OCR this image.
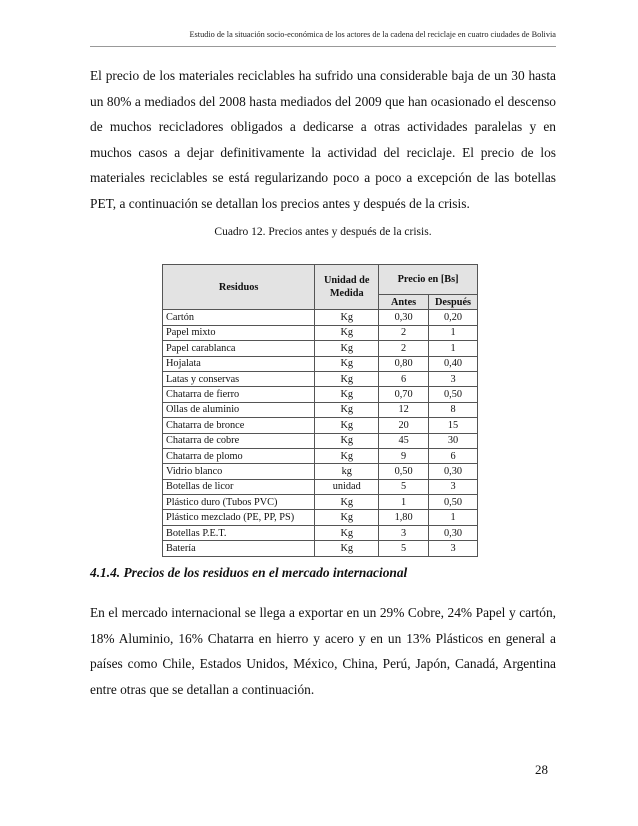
Estudio de la situación socio-económica de los actores de la cadena del reciclaje en cuatro ciudades de Bolivia

El precio de los materiales reciclables ha sufrido una considerable baja de un 30 hasta un 80% a mediados del 2008 hasta mediados del 2009 que han ocasionado el descenso de muchos recicladores obligados a dedicarse a otras actividades paralelas y en muchos casos a dejar definitivamente la actividad del reciclaje. El precio de los materiales reciclables se está regularizando poco a poco a excepción de las botellas PET, a continuación se detallan los precios antes y después de la crisis.

Cuadro 12. Precios antes y después de la crisis.
Residuos	Unidad de Medida	Precio en [Bs]	
		Antes	Después
Cartón	Kg	0,30	0,20
Papel mixto	Kg	2	1
Papel carablanca	Kg	2	1
Hojalata	Kg	0,80	0,40
Latas y conservas	Kg	6	3
Chatarra de fierro	Kg	0,70	0,50
Ollas de aluminio	Kg	12	8
Chatarra de bronce	Kg	20	15
Chatarra de cobre	Kg	45	30
Chatarra de plomo	Kg	9	6
Vidrio blanco	kg	0,50	0,30
Botellas de licor	unidad	5	3
Plástico duro (Tubos PVC)	Kg	1	0,50
Plástico mezclado (PE, PP, PS)	Kg	1,80	1
Botellas P.E.T.	Kg	3	0,30
Batería	Kg	5	3
4.1.4. Precios de los residuos en el mercado internacional

En el mercado internacional se llega a exportar en un 29% Cobre, 24% Papel y cartón, 18% Aluminio, 16% Chatarra en hierro y acero y en un 13% Plásticos en general a países como Chile, Estados Unidos, México, China, Perú, Japón, Canadá, Argentina entre otras que se detallan a continuación.

28
